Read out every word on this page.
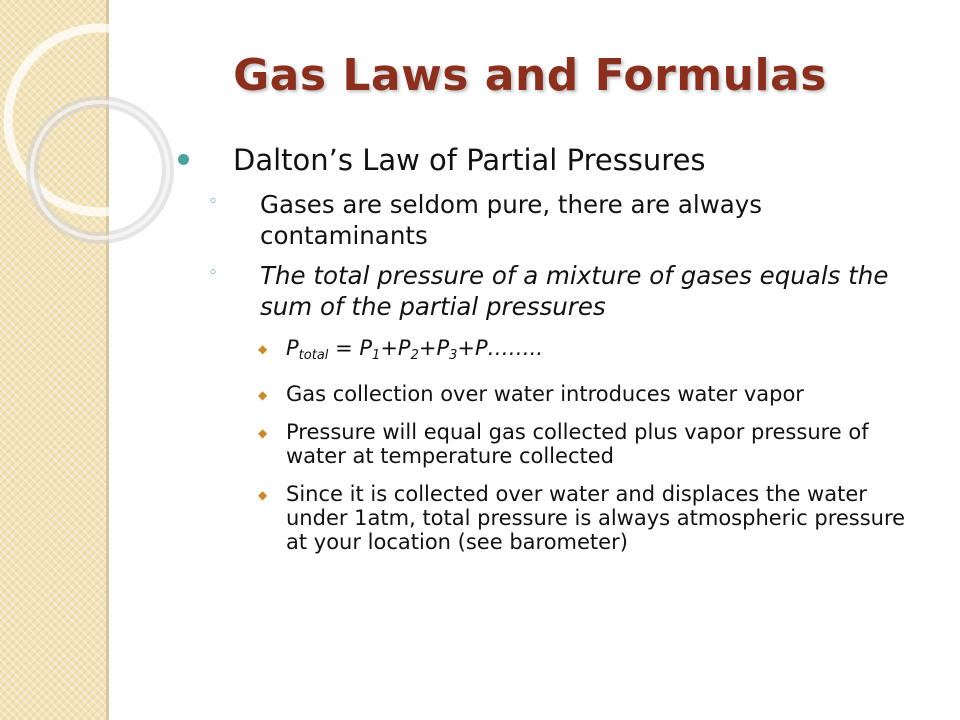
Gas Laws and Formulas
Dalton’s Law of Partial Pressures
◦ Gases are seldom pure, there are always contaminants
◦ The total pressure of a mixture of gases equals the sum of the partial pressures
◆ $P_{total}$ = $P_1+P_2+P_3+P\dots\dots$..
◆ Gas collection over water introduces water vapor
◆ Pressure will equal gas collected plus vapor pressure of water at temperature collected
◆ Since it is collected over water and displaces the water under 1atm, total pressure is always atmospheric pressure at your location (see barometer)
